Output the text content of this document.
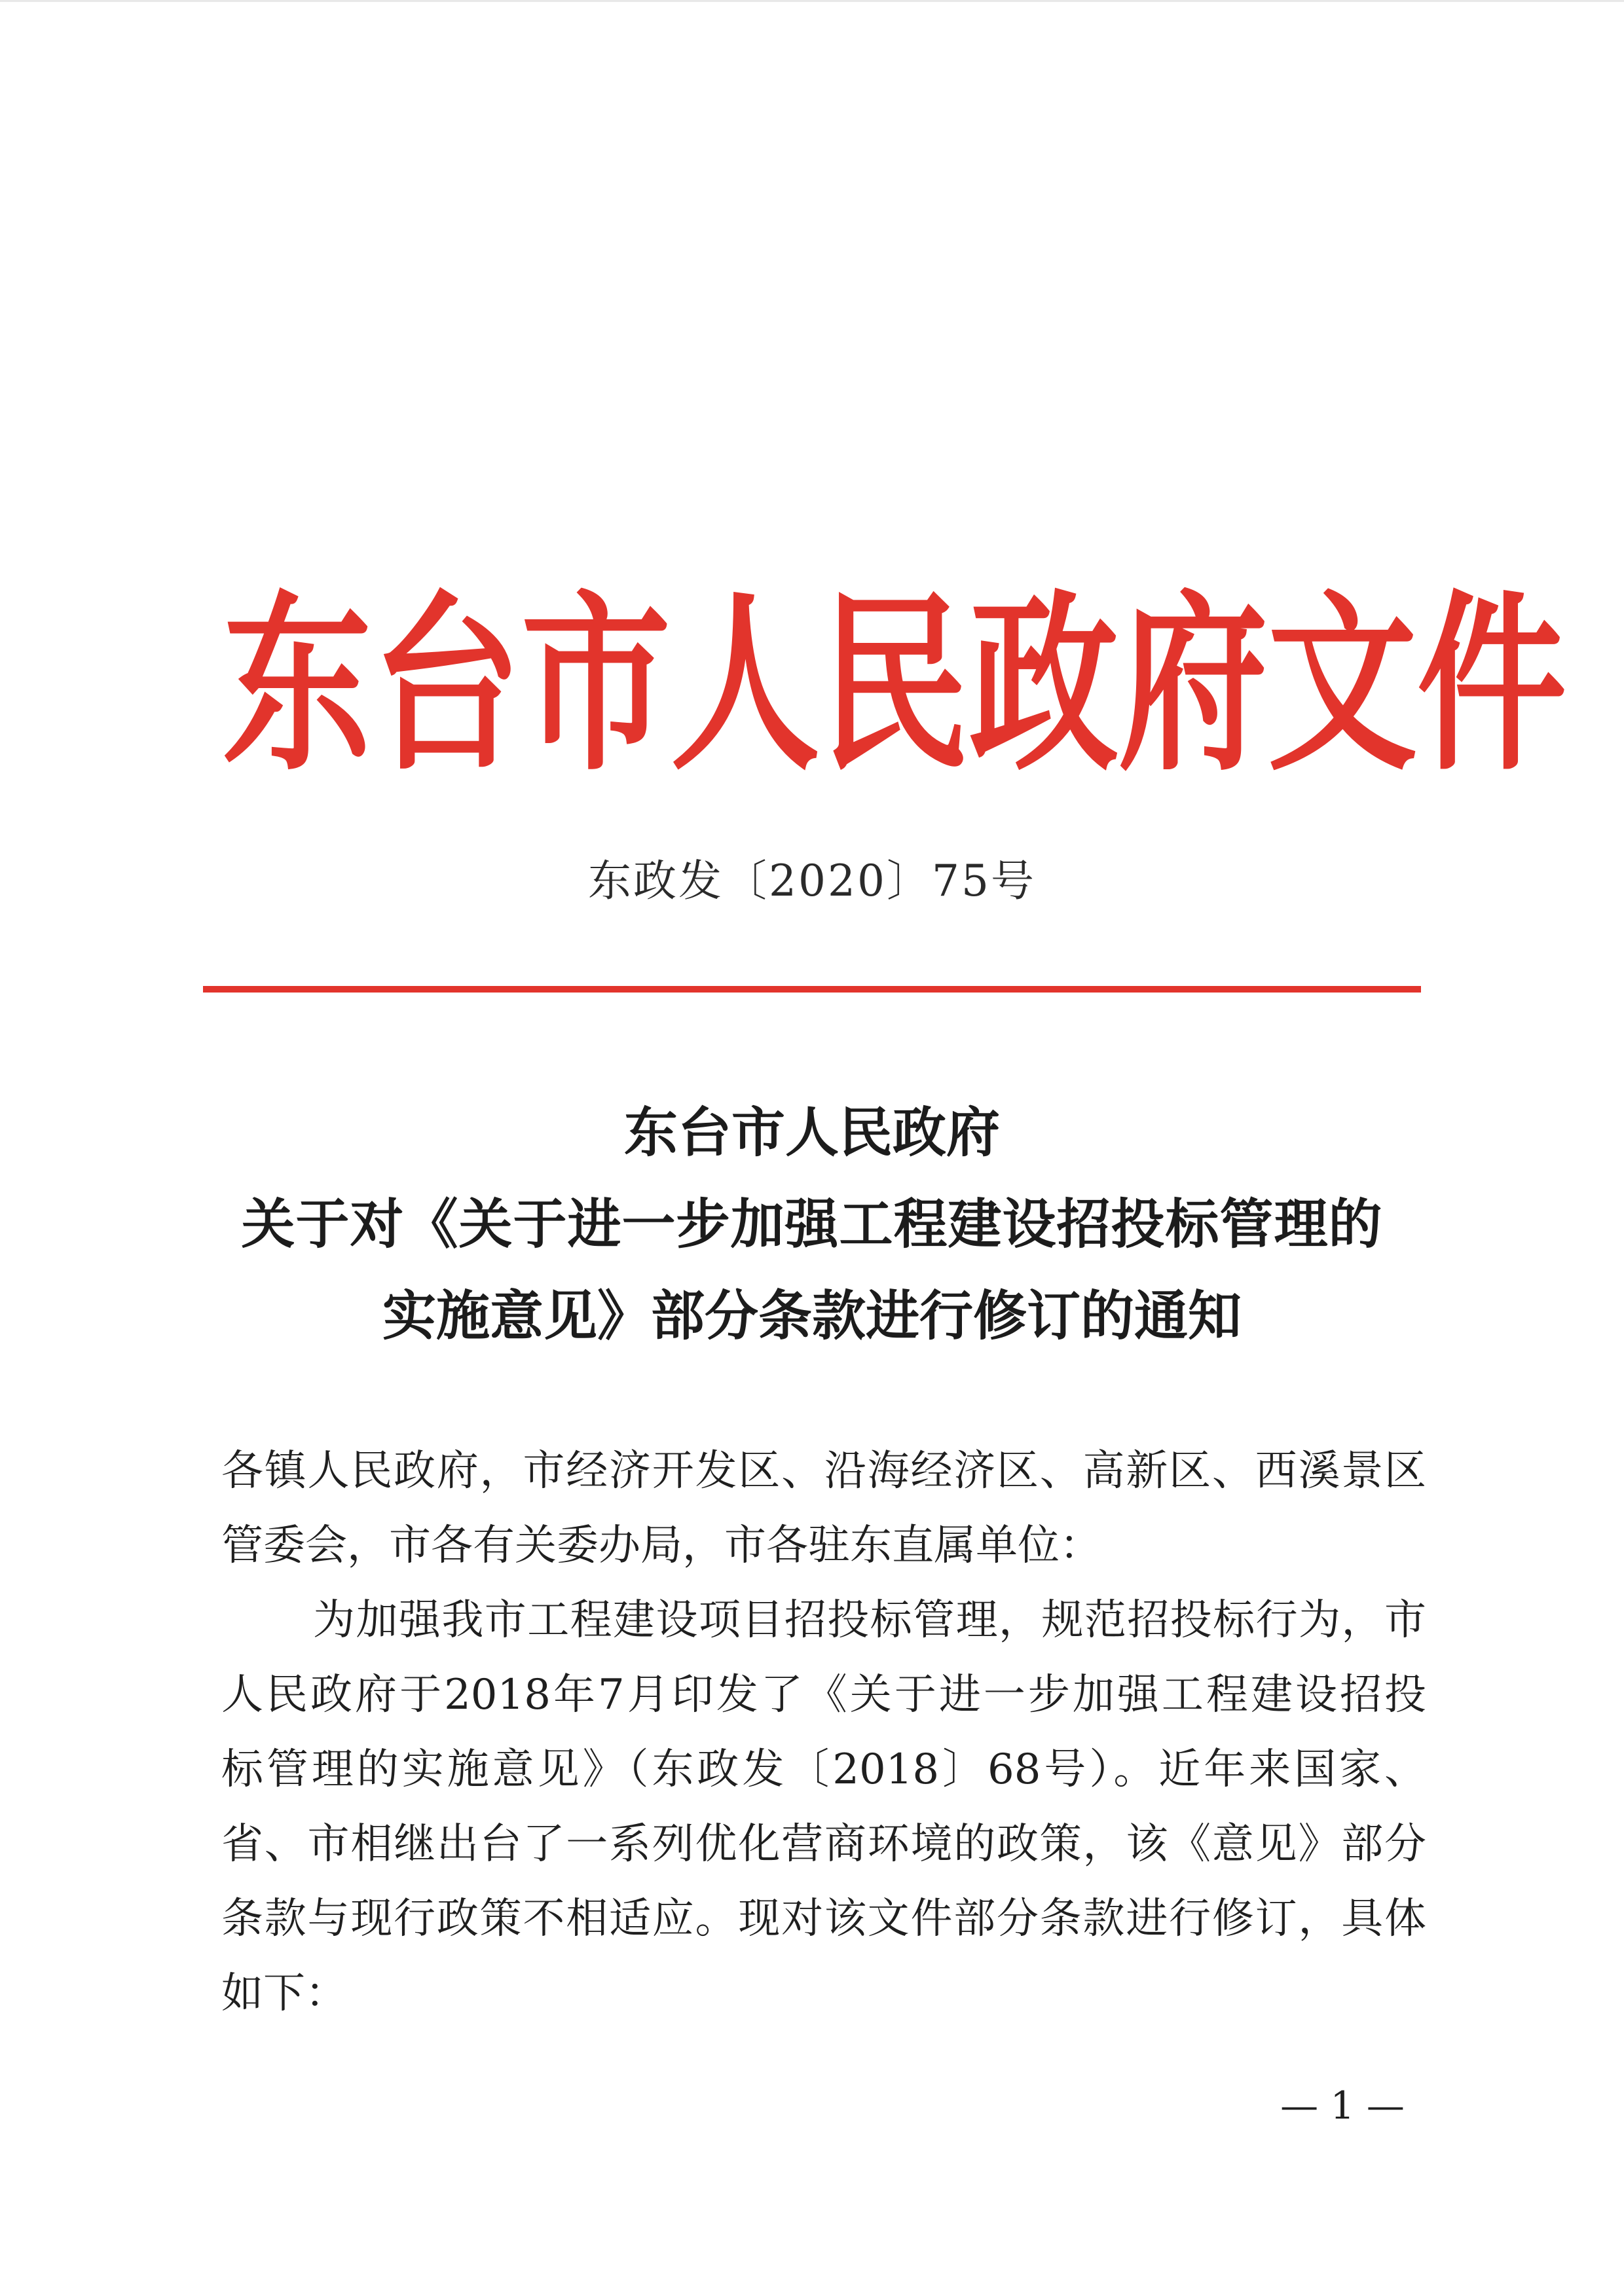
东 台 市 人 民 政 府 文 件
东政发〔2020〕75号
东台市人民政府
关于对《关于进一步加强工程建设招投标管理的
实施意见》部分条款进行修订的通知
各镇人民政府，市经济开发区、沿海经济区、高新区、西溪景区
管委会，市各有关委办局，市各驻东直属单位：
为加强我市工程建设项目招投标管理，规范招投标行为，市
人民政府于2018年7月印发了《关于进一步加强工程建设招投
标管理的实施意见》（东政发〔2018〕68号）。近年来国家、
省、市相继出台了一系列优化营商环境的政策，该《意见》部分
条款与现行政策不相适应。现对该文件部分条款进行修订，具体
如下：
— 1 —
